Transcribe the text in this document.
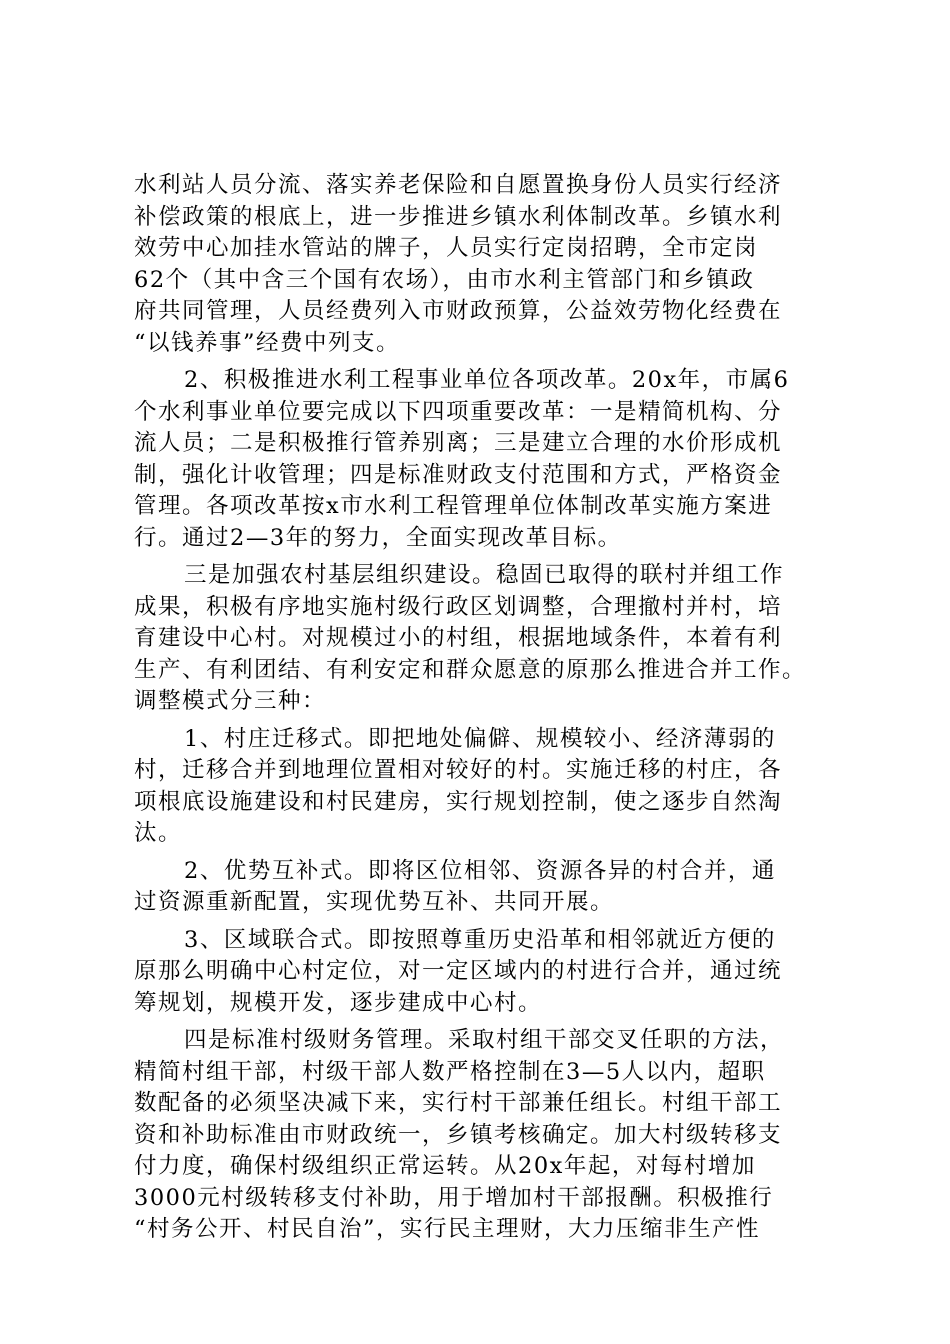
水利站人员分流、落实养老保险和自愿置换身份人员实行经济
补偿政策的根底上，进一步推进乡镇水利体制改革。乡镇水利
效劳中心加挂水管站的牌子，人员实行定岗招聘，全市定岗
62个（其中含三个国有农场），由市水利主管部门和乡镇政
府共同管理，人员经费列入市财政预算，公益效劳物化经费在
“以钱养事”经费中列支。
2、积极推进水利工程事业单位各项改革。20x年，市属6
个水利事业单位要完成以下四项重要改革：一是精简机构、分
流人员；二是积极推行管养别离；三是建立合理的水价形成机
制，强化计收管理；四是标准财政支付范围和方式，严格资金
管理。各项改革按x市水利工程管理单位体制改革实施方案进
行。通过2—3年的努力，全面实现改革目标。
三是加强农村基层组织建设。稳固已取得的联村并组工作
成果，积极有序地实施村级行政区划调整，合理撤村并村，培
育建设中心村。对规模过小的村组，根据地域条件，本着有利
生产、有利团结、有利安定和群众愿意的原那么推进合并工作。
调整模式分三种：
1、村庄迁移式。即把地处偏僻、规模较小、经济薄弱的
村，迁移合并到地理位置相对较好的村。实施迁移的村庄，各
项根底设施建设和村民建房，实行规划控制，使之逐步自然淘
汰。
2、优势互补式。即将区位相邻、资源各异的村合并，通
过资源重新配置，实现优势互补、共同开展。
3、区域联合式。即按照尊重历史沿革和相邻就近方便的
原那么明确中心村定位，对一定区域内的村进行合并，通过统
筹规划，规模开发，逐步建成中心村。
四是标准村级财务管理。采取村组干部交叉任职的方法，
精简村组干部，村级干部人数严格控制在3—5人以内，超职
数配备的必须坚决减下来，实行村干部兼任组长。村组干部工
资和补助标准由市财政统一，乡镇考核确定。加大村级转移支
付力度，确保村级组织正常运转。从20x年起，对每村增加
3000元村级转移支付补助，用于增加村干部报酬。积极推行
“村务公开、村民自治”，实行民主理财，大力压缩非生产性
